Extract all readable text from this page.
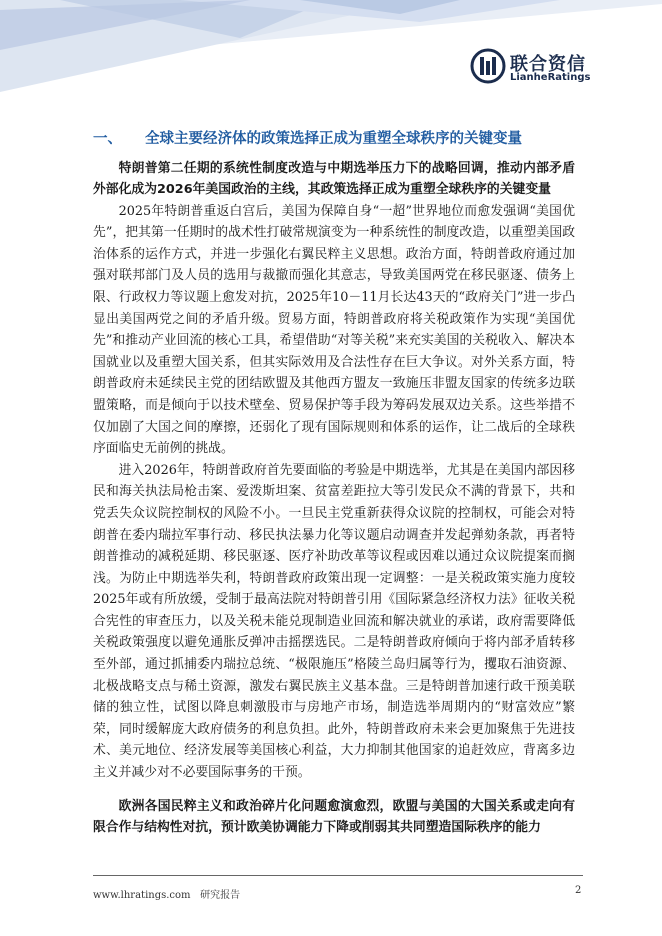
联合资信
LianheRatings
一、 全球主要经济体的政策选择正成为重塑全球秩序的关键变量
特朗普第二任期的系统性制度改造与中期选举压力下的战略回调，推动内部矛盾外部化成为2026年美国政治的主线，其政策选择正成为重塑全球秩序的关键变量
2025年特朗普重返白宫后，美国为保障自身“一超”世界地位而愈发强调“美国优先”，把其第一任期时的战术性打破常规演变为一种系统性的制度改造，以重塑美国政治体系的运作方式，并进一步强化右翼民粹主义思想。政治方面，特朗普政府通过加强对联邦部门及人员的选用与裁撤而强化其意志，导致美国两党在移民驱逐、债务上限、行政权力等议题上愈发对抗，2025年10－11月长达43天的“政府关门”进一步凸显出美国两党之间的矛盾升级。贸易方面，特朗普政府将关税政策作为实现“美国优先”和推动产业回流的核心工具，希望借助“对等关税”来充实美国的关税收入、解决本国就业以及重塑大国关系，但其实际效用及合法性存在巨大争议。对外关系方面，特朗普政府未延续民主党的团结欧盟及其他西方盟友一致施压非盟友国家的传统多边联盟策略，而是倾向于以技术壁垒、贸易保护等手段为筹码发展双边关系。这些举措不仅加剧了大国之间的摩擦，还弱化了现有国际规则和体系的运作，让二战后的全球秩序面临史无前例的挑战。
进入2026年，特朗普政府首先要面临的考验是中期选举，尤其是在美国内部因移民和海关执法局枪击案、爱泼斯坦案、贫富差距拉大等引发民众不满的背景下，共和党丢失众议院控制权的风险不小。一旦民主党重新获得众议院的控制权，可能会对特朗普在委内瑞拉军事行动、移民执法暴力化等议题启动调查并发起弹劾条款，再者特朗普推动的减税延期、移民驱逐、医疗补助改革等议程或因难以通过众议院提案而搁浅。为防止中期选举失利，特朗普政府政策出现一定调整：一是关税政策实施力度较2025年或有所放缓，受制于最高法院对特朗普引用《国际紧急经济权力法》征收关税合宪性的审查压力，以及关税未能兑现制造业回流和解决就业的承诺，政府需要降低关税政策强度以避免通胀反弹冲击摇摆选民。二是特朗普政府倾向于将内部矛盾转移至外部，通过抓捕委内瑞拉总统、“极限施压”格陵兰岛归属等行为，攫取石油资源、北极战略支点与稀土资源，激发右翼民族主义基本盘。三是特朗普加速行政干预美联储的独立性，试图以降息刺激股市与房地产市场，制造选举周期内的“财富效应”繁荣，同时缓解庞大政府债务的利息负担。此外，特朗普政府未来会更加聚焦于先进技术、美元地位、经济发展等美国核心利益，大力抑制其他国家的追赶效应，背离多边主义并减少对不必要国际事务的干预。
欧洲各国民粹主义和政治碎片化问题愈演愈烈，欧盟与美国的大国关系或走向有限合作与结构性对抗，预计欧美协调能力下降或削弱其共同塑造国际秩序的能力
www.lhratings.com 研究报告	2
